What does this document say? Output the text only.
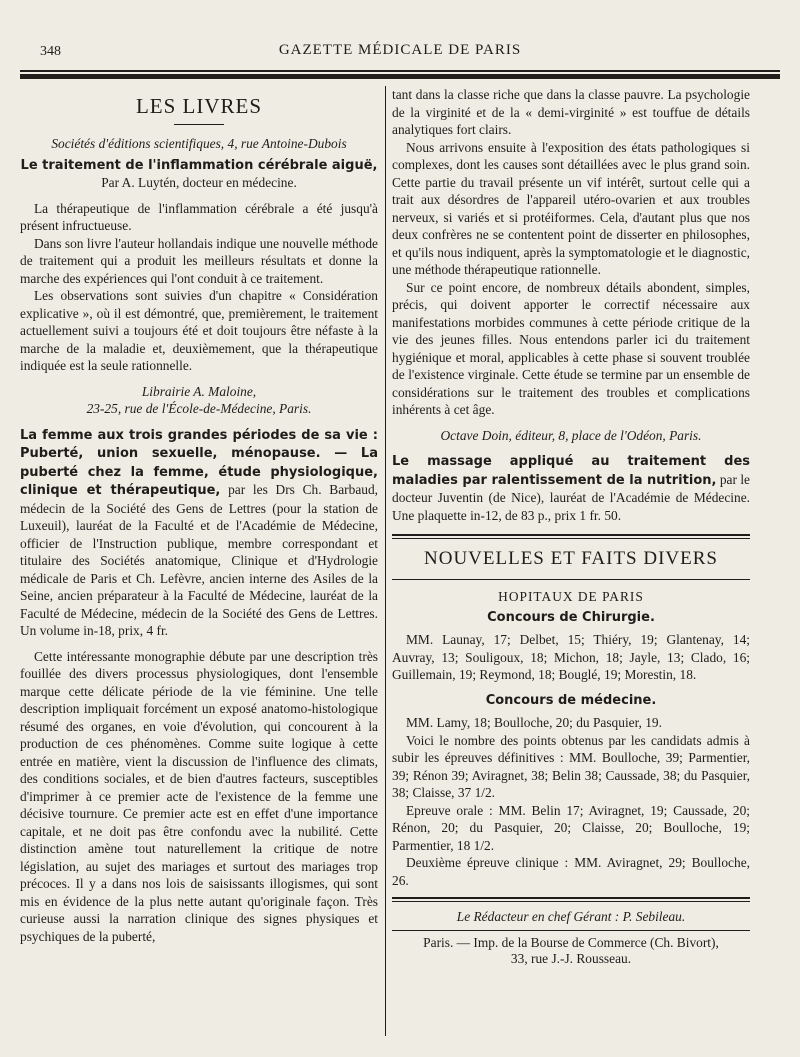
348	GAZETTE MÉDICALE DE PARIS
LES LIVRES

Sociétés d'éditions scientifiques, 4, rue Antoine-Dubois

Le traitement de l'inflammation cérébrale aiguë,

Par A. Luytén, docteur en médecine.

La thérapeutique de l'inflammation cérébrale a été jusqu'à présent infructueuse.

Dans son livre l'auteur hollandais indique une nouvelle méthode de traitement qui a produit les meilleurs résultats et donne la marche des expériences qui l'ont conduit à ce traitement.

Les observations sont suivies d'un chapitre « Considération explicative », où il est démontré, que, premièrement, le traitement actuellement suivi a toujours été et doit toujours être néfaste à la marche de la maladie et, deuxièmement, que la thérapeutique indiquée est la seule rationnelle.

Librairie A. Maloine,

23-25, rue de l'École-de-Médecine, Paris.

La femme aux trois grandes périodes de sa vie : Puberté, union sexuelle, ménopause. — La puberté chez la femme, étude physiologique, clinique et thérapeutique, par les Drs Ch. Barbaud, médecin de la Société des Gens de Lettres (pour la station de Luxeuil), lauréat de la Faculté et de l'Académie de Médecine, officier de l'Instruction publique, membre correspondant et titulaire des Sociétés anatomique, Clinique et d'Hydrologie médicale de Paris et Ch. Lefèvre, ancien interne des Asiles de la Seine, ancien préparateur à la Faculté de Médecine, lauréat de la Faculté de Médecine, médecin de la Société des Gens de Lettres. Un volume in-18, prix, 4 fr.

Cette intéressante monographie débute par une description très fouillée des divers processus physiologiques, dont l'ensemble marque cette délicate période de la vie féminine. Une telle description impliquait forcément un exposé anatomo-histologique résumé des organes, en voie d'évolution, qui concourent à la production de ces phénomènes. Comme suite logique à cette entrée en matière, vient la discussion de l'influence des climats, des conditions sociales, et de bien d'autres facteurs, susceptibles d'imprimer à ce premier acte de l'existence de la femme une décisive tournure. Ce premier acte est en effet d'une importance capitale, et ne doit pas être confondu avec la nubilité. Cette distinction amène tout naturellement la critique de notre législation, au sujet des mariages et surtout des mariages trop précoces. Il y a dans nos lois de saisissants illogismes, qui sont mis en évidence de la plus nette autant qu'originale façon. Très curieuse aussi la narration clinique des signes physiques et psychiques de la puberté,

tant dans la classe riche que dans la classe pauvre. La psychologie de la virginité et de la « demi-virginité » est touffue de détails analytiques fort clairs.

Nous arrivons ensuite à l'exposition des états pathologiques si complexes, dont les causes sont détaillées avec le plus grand soin. Cette partie du travail présente un vif intérêt, surtout celle qui a trait aux désordres de l'appareil utéro-ovarien et aux troubles nerveux, si variés et si protéiformes. Cela, d'autant plus que nos deux confrères ne se contentent point de disserter en philosophes, et qu'ils nous indiquent, après la symptomatologie et le diagnostic, une méthode thérapeutique rationnelle.

Sur ce point encore, de nombreux détails abondent, simples, précis, qui doivent apporter le correctif nécessaire aux manifestations morbides communes à cette période critique de la vie des jeunes filles. Nous entendons parler ici du traitement hygiénique et moral, applicables à cette phase si souvent troublée de l'existence virginale. Cette étude se termine par un ensemble de considérations sur le traitement des troubles et complications inhérents à cet âge.

Octave Doin, éditeur, 8, place de l'Odéon, Paris.

Le massage appliqué au traitement des maladies par ralentissement de la nutrition, par le docteur Juventin (de Nice), lauréat de l'Académie de Médecine. Une plaquette in-12, de 83 p., prix 1 fr. 50.

NOUVELLES ET FAITS DIVERS

HOPITAUX DE PARIS

Concours de Chirurgie.

MM. Launay, 17; Delbet, 15; Thiéry, 19; Glantenay, 14; Auvray, 13; Souligoux, 18; Michon, 18; Jayle, 13; Clado, 16; Guillemain, 19; Reymond, 18; Bouglé, 19; Morestin, 18.

Concours de médecine.

MM. Lamy, 18; Boulloche, 20; du Pasquier, 19.

Voici le nombre des points obtenus par les candidats admis à subir les épreuves définitives : MM. Boulloche, 39; Parmentier, 39; Rénon 39; Aviragnet, 38; Belin 38; Caussade, 38; du Pasquier, 38; Claisse, 37 1/2.

Epreuve orale : MM. Belin 17; Aviragnet, 19; Caussade, 20; Rénon, 20; du Pasquier, 20; Claisse, 20; Boulloche, 19; Parmentier, 18 1/2.

Deuxième épreuve clinique : MM. Aviragnet, 29; Boulloche, 26.

Le Rédacteur en chef Gérant : P. Sebileau.

Paris. — Imp. de la Bourse de Commerce (Ch. Bivort),

33, rue J.-J. Rousseau.
